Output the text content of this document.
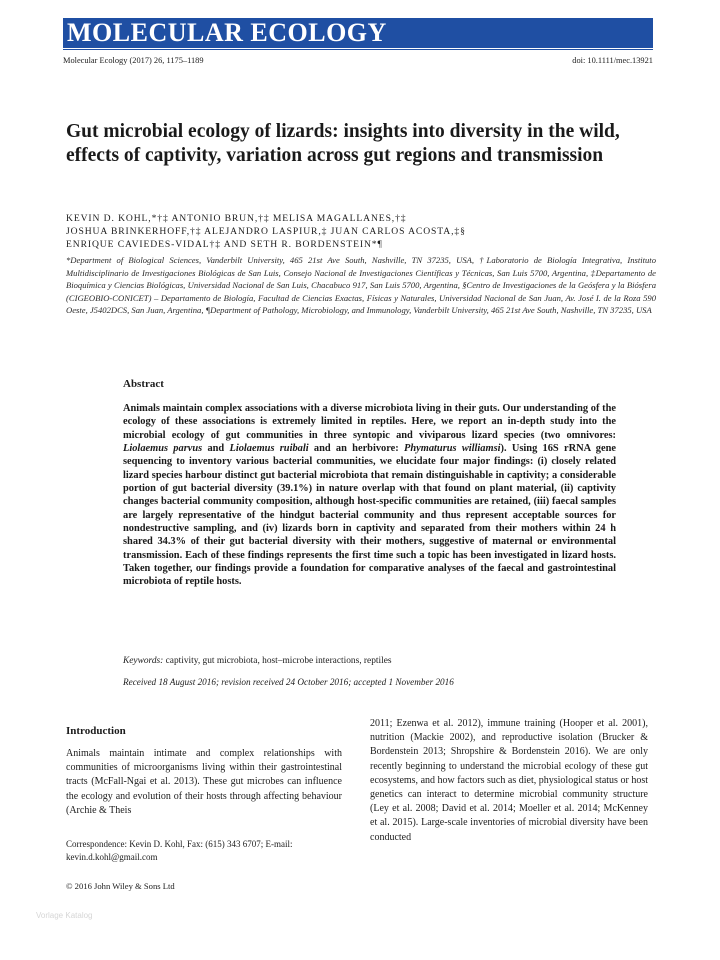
MOLECULAR ECOLOGY
Molecular Ecology (2017) 26, 1175–1189	doi: 10.1111/mec.13921
Gut microbial ecology of lizards: insights into diversity in the wild, effects of captivity, variation across gut regions and transmission
KEVIN D. KOHL,*†‡ ANTONIO BRUN,†‡ MELISA MAGALLANES,†‡
JOSHUA BRINKERHOFF,†‡ ALEJANDRO LASPIUR,‡ JUAN CARLOS ACOSTA,‡§
ENRIQUE CAVIEDES-VIDAL†‡ AND SETH R. BORDENSTEIN*¶
*Department of Biological Sciences, Vanderbilt University, 465 21st Ave South, Nashville, TN 37235, USA, †Laboratorio de Biología Integrativa, Instituto Multidisciplinario de Investigaciones Biológicas de San Luis, Consejo Nacional de Investigaciones Científicas y Técnicas, San Luis 5700, Argentina, ‡Departamento de Bioquímica y Ciencias Biológicas, Universidad Nacional de San Luis, Chacabuco 917, San Luis 5700, Argentina, §Centro de Investigaciones de la Geósfera y la Biósfera (CIGEOBIO-CONICET) – Departamento de Biología, Facultad de Ciencias Exactas, Físicas y Naturales, Universidad Nacional de San Juan, Av. José I. de la Roza 590 Oeste, J5402DCS, San Juan, Argentina, ¶Department of Pathology, Microbiology, and Immunology, Vanderbilt University, 465 21st Ave South, Nashville, TN 37235, USA
Abstract
Animals maintain complex associations with a diverse microbiota living in their guts. Our understanding of the ecology of these associations is extremely limited in reptiles. Here, we report an in-depth study into the microbial ecology of gut communities in three syntopic and viviparous lizard species (two omnivores: Liolaemus parvus and Liolaemus ruibali and an herbivore: Phymaturus williamsi). Using 16S rRNA gene sequencing to inventory various bacterial communities, we elucidate four major findings: (i) closely related lizard species harbour distinct gut bacterial microbiota that remain distinguishable in captivity; a considerable portion of gut bacterial diversity (39.1%) in nature overlap with that found on plant material, (ii) captivity changes bacterial community composition, although host-specific communities are retained, (iii) faecal samples are largely representative of the hindgut bacterial community and thus represent acceptable sources for nondestructive sampling, and (iv) lizards born in captivity and separated from their mothers within 24 h shared 34.3% of their gut bacterial diversity with their mothers, suggestive of maternal or environmental transmission. Each of these findings represents the first time such a topic has been investigated in lizard hosts. Taken together, our findings provide a foundation for comparative analyses of the faecal and gastrointestinal microbiota of reptile hosts.
Keywords: captivity, gut microbiota, host–microbe interactions, reptiles
Received 18 August 2016; revision received 24 October 2016; accepted 1 November 2016
Introduction
Animals maintain intimate and complex relationships with communities of microorganisms living within their gastrointestinal tracts (McFall-Ngai et al. 2013). These gut microbes can influence the ecology and evolution of their hosts through affecting behaviour (Archie & Theis
Correspondence: Kevin D. Kohl, Fax: (615) 343 6707; E-mail: kevin.d.kohl@gmail.com
© 2016 John Wiley & Sons Ltd
2011; Ezenwa et al. 2012), immune training (Hooper et al. 2001), nutrition (Mackie 2002), and reproductive isolation (Brucker & Bordenstein 2013; Shropshire & Bordenstein 2016). We are only recently beginning to understand the microbial ecology of these gut ecosystems, and how factors such as diet, physiological status or host genetics can interact to determine microbial community structure (Ley et al. 2008; David et al. 2014; Moeller et al. 2014; McKenney et al. 2015). Large-scale inventories of microbial diversity have been conducted
Vorlage Katalog
